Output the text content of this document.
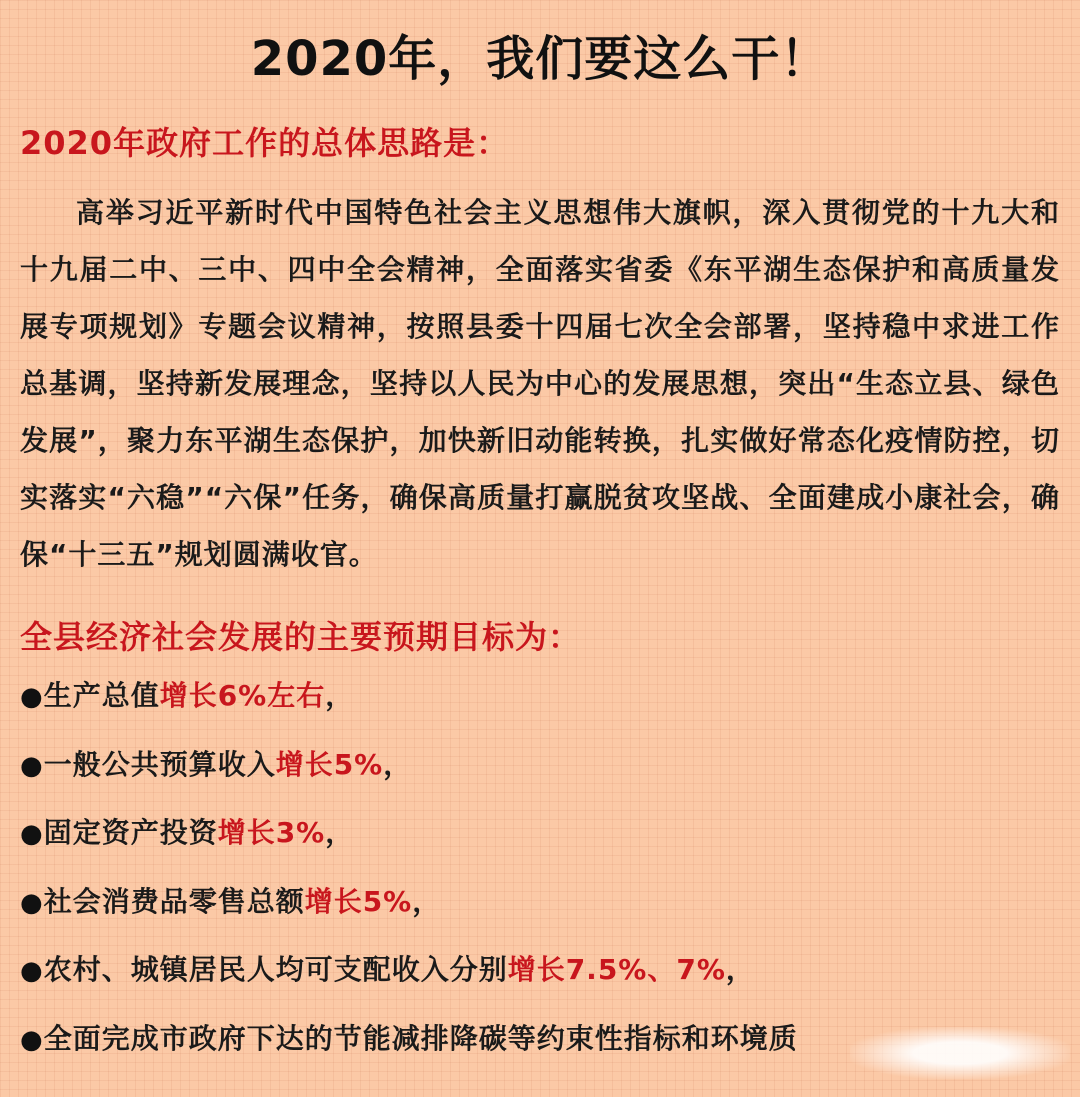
2020年，我们要这么干！
2020年政府工作的总体思路是：

高举习近平新时代中国特色社会主义思想伟大旗帜，深入贯彻党的十九大和十九届二中、三中、四中全会精神，全面落实省委《东平湖生态保护和高质量发展专项规划》专题会议精神，按照县委十四届七次全会部署，坚持稳中求进工作总基调，坚持新发展理念，坚持以人民为中心的发展思想，突出“生态立县、绿色发展”，聚力东平湖生态保护，加快新旧动能转换，扎实做好常态化疫情防控，切实落实“六稳”“六保”任务，确保高质量打赢脱贫攻坚战、全面建成小康社会，确保“十三五”规划圆满收官。

全县经济社会发展的主要预期目标为：
●生产总值增长6%左右，
●一般公共预算收入增长5%，
●固定资产投资增长3%，
●社会消费品零售总额增长5%，
●农村、城镇居民人均可支配收入分别增长7.5%、7%，
●全面完成市政府下达的节能减排降碳等约束性指标和环境质
